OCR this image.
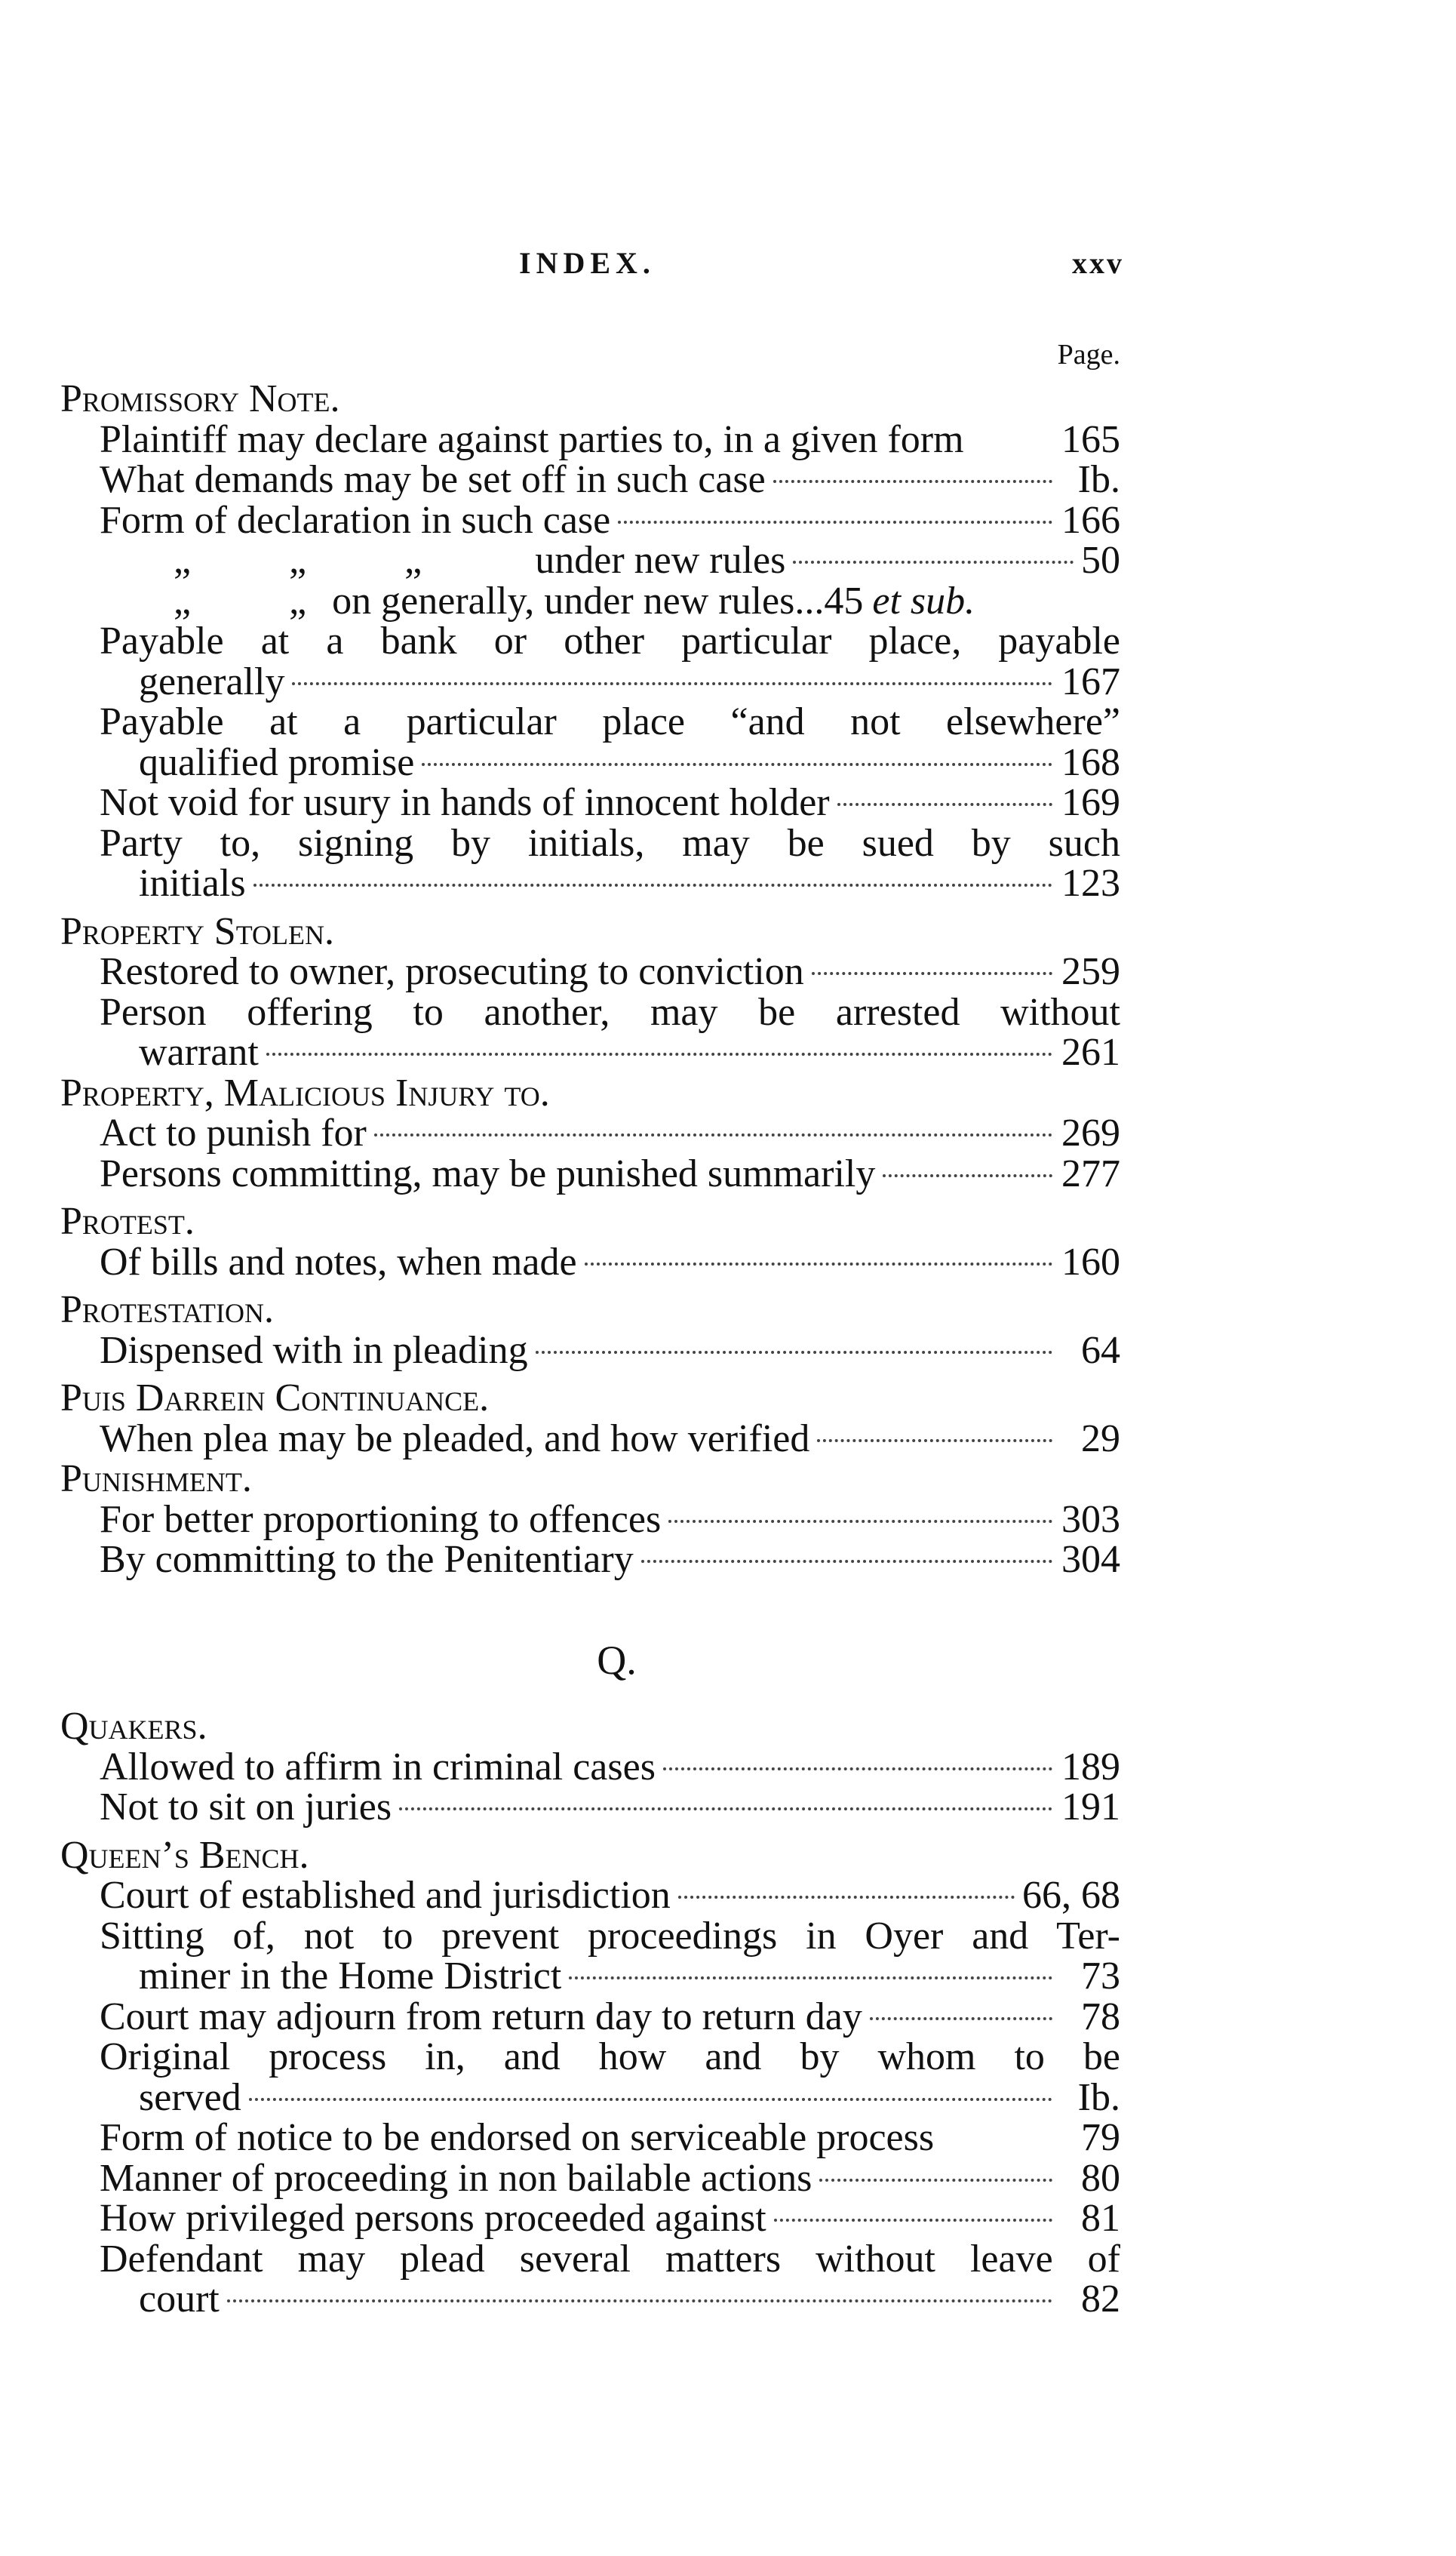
INDEX.	xxv
Page.
Promissory Note.
Plaintiff may declare against parties to, in a given form 165
What demands may be set off in such case	Ib.
Form of declaration in such case	166
„          „          „	under new rules	50
„          „ on generally, under new rules...45 et sub.
Payable at a bank or other particular place, payable
generally	167
Payable at a particular place “and not elsewhere”
qualified promise	168
Not void for usury in hands of innocent holder	169
Party to, signing by initials, may be sued by such
initials	123
Property Stolen.
Restored to owner, prosecuting to conviction	259
Person offering to another, may be arrested without
warrant	261
Property, Malicious Injury to.
Act to punish for	269
Persons committing, may be punished summarily	277
Protest.
Of bills and notes, when made	160
Protestation.
Dispensed with in pleading	64
Puis Darrein Continuance.
When plea may be pleaded, and how verified	29
Punishment.
For better proportioning to offences	303
By committing to the Penitentiary	304
Q.
Quakers.
Allowed to affirm in criminal cases	189
Not to sit on juries	191
Queen’s Bench.
Court of established and jurisdiction	66, 68
Sitting of, not to prevent proceedings in Oyer and Ter-
miner in the Home District	73
Court may adjourn from return day to return day	78
Original process in, and how and by whom to be
served	Ib.
Form of notice to be endorsed on serviceable process	79
Manner of proceeding in non bailable actions	80
How privileged persons proceeded against	81
Defendant may plead several matters without leave of
court	82
